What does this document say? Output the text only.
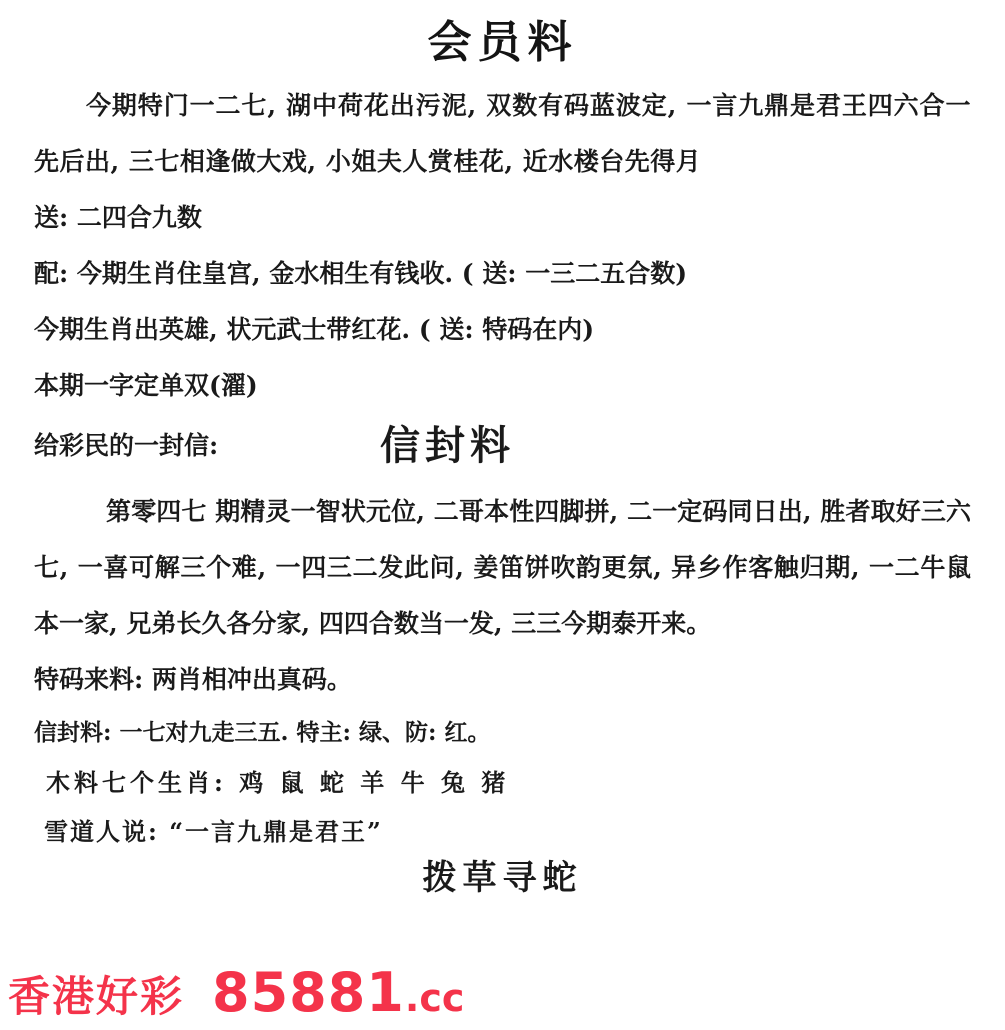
会员料
今期特门一二七, 湖中荷花出污泥, 双数有码蓝波定, 一言九鼎是君王四六合一先后出, 三七相逢做大戏, 小姐夫人赏桂花, 近水楼台先得月
送: 二四合九数
配: 今期生肖住皇宫, 金水相生有钱收. ( 送: 一三二五合数)
今期生肖出英雄, 状元武士带红花. ( 送: 特码在内)
本期一字定单双(濯)
给彩民的一封信:	信封料
第零四七 期精灵一智状元位, 二哥本性四脚拼, 二一定码同日出, 胜者取好三六七, 一喜可解三个难, 一四三二发此问, 姜笛饼吹韵更氛, 异乡作客触归期, 一二牛鼠本一家, 兄弟长久各分家, 四四合数当一发, 三三今期泰开来。
特码来料: 两肖相冲出真码。
信封料: 一七对九走三五. 特主: 绿、防: 红。
木料七个生肖: 鸡 鼠 蛇 羊 牛 兔 猪
雪道人说: “一言九鼎是君王”
拨草寻蛇
香港好彩 85881 .cc
